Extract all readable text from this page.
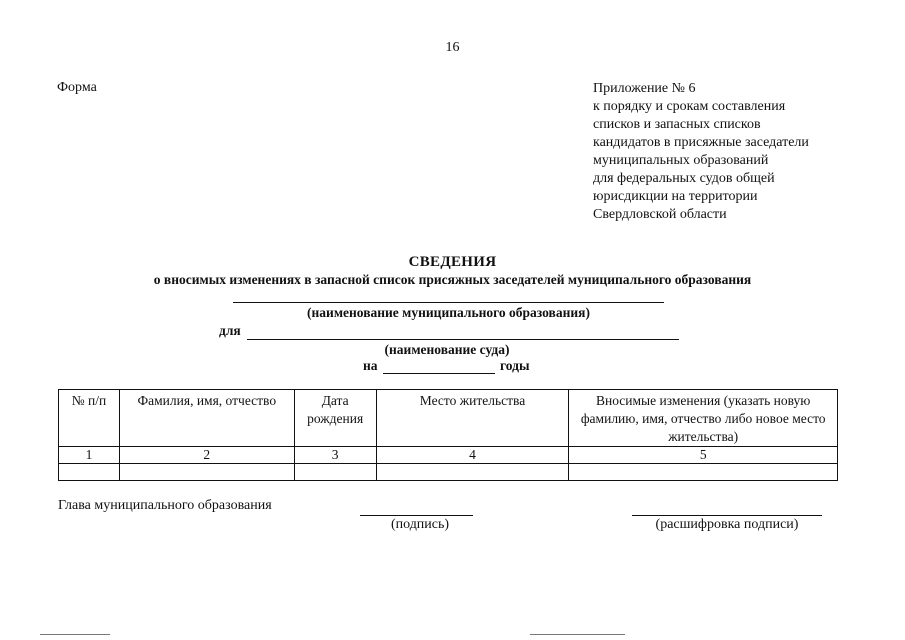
16
Форма	Приложение № 6
к порядку и срокам составления
списков и запасных списков
кандидатов в присяжные заседатели
муниципальных образований
для федеральных судов общей
юрисдикции на территории
Свердловской области
СВЕДЕНИЯ
о вносимых изменениях в запасной список присяжных заседателей муниципального образования
(наименование муниципального образования)
для
(наименование суда)
на	годы
№ п/п	Фамилия, имя, отчество	Дата рождения	Место жительства	Вносимые изменения (указать новую фамилию, имя, отчество либо новое место жительства)
1	2	3	4	5

Глава муниципального образования
(подпись)	(расшифровка подписи)
